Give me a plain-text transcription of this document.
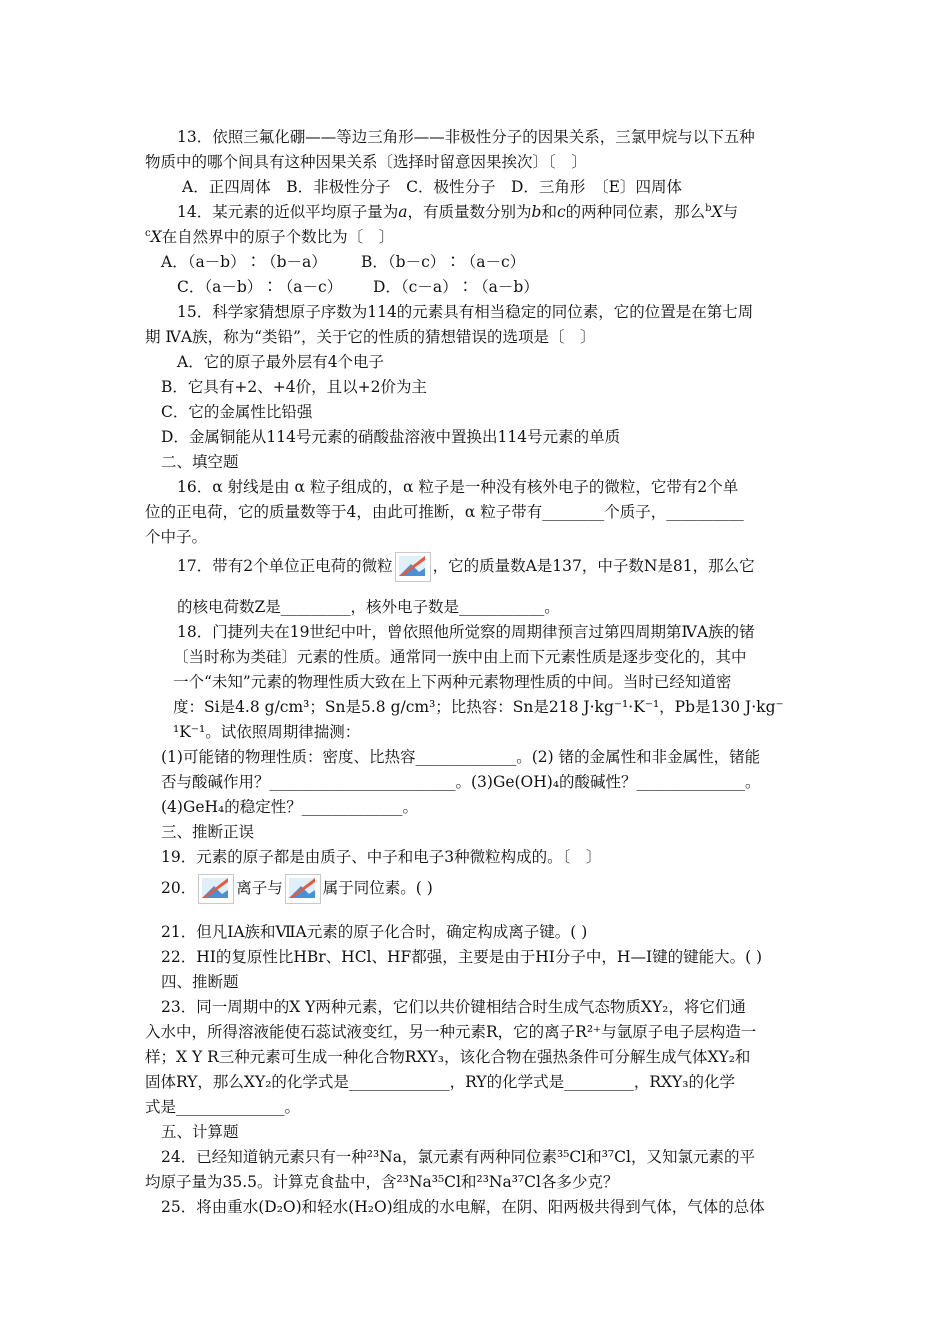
13．依照三氟化硼——等边三角形——非极性分子的因果关系，三氯甲烷与以下五种
物质中的哪个间具有这种因果关系〔选择时留意因果挨次〕〔　〕
A．正四周体　B．非极性分子　C．极性分子　D．三角形　〔E〕四周体
14．某元素的近似平均原子量为a，有质量数分别为b和c的两种同位素，那么$^b$X与
$^c$X在自然界中的原子个数比为〔　〕
A．（a－b）∶（b－a） B．（b－c）∶（a－c）
C．（a－b）∶（a－c） D．（c－a）∶（a－b）
15．科学家猜想原子序数为114的元素具有相当稳定的同位素，它的位置是在第七周
期 ⅣA族，称为“类铅”，关于它的性质的猜想错误的选项是〔　〕
A．它的原子最外层有4个电子
B．它具有+2、+4价，且以+2价为主
C．它的金属性比铅强
D．金属铜能从114号元素的硝酸盐溶液中置换出114号元素的单质
二、填空题
16．α 射线是由 α 粒子组成的，α 粒子是一种没有核外电子的微粒，它带有2个单
位的正电荷，它的质量数等于4，由此可推断，α 粒子带有________个质子，__________
个中子。
17．带有2个单位正电荷的微粒	，它的质量数A是137，中子数N是81，那么它
的核电荷数Z是_________，核外电子数是___________。
18．门捷列夫在19世纪中叶，曾依照他所觉察的周期律预言过第四周期第ⅣA族的锗
〔当时称为类硅〕元素的性质。通常同一族中由上而下元素性质是逐步变化的，其中
一个“未知”元素的物理性质大致在上下两种元素物理性质的中间。当时已经知道密
度：Si是4.8 g/cm³；Sn是5.8 g/cm³；比热容：Sn是218 J·kg⁻¹·K⁻¹，Pb是130 J·kg⁻
¹K⁻¹。试依照周期律揣测：
(1)可能锗的物理性质：密度、比热容_____________。(2) 锗的金属性和非金属性，锗能
否与酸碱作用？________________________。(3)Ge(OH)₄的酸碱性？______________。
(4)GeH₄的稳定性？_____________。
三、推断正误
19．元素的原子都是由质子、中子和电子3种微粒构成的。〔　〕
20．	离子与	属于同位素。( )
21．但凡ⅠA族和ⅦA元素的原子化合时，确定构成离子键。( )
22．HI的复原性比HBr、HCl、HF都强，主要是由于HI分子中，H—I键的键能大。( )
四、推断题
23．同一周期中的X Y两种元素，它们以共价键相结合时生成气态物质XY₂，将它们通
入水中，所得溶液能使石蕊试液变红，另一种元素R，它的离子R²⁺与氩原子电子层构造一
样；X Y R三种元素可生成一种化合物RXY₃，该化合物在强热条件可分解生成气体XY₂和
固体RY，那么XY₂的化学式是_____________，RY的化学式是_________，RXY₃的化学
式是______________。
五、计算题
24．已经知道钠元素只有一种²³Na，氯元素有两种同位素³⁵Cl和³⁷Cl，又知氯元素的平
均原子量为35.5。计算克食盐中，含²³Na³⁵Cl和²³Na³⁷Cl各多少克？
25．将由重水(D₂O)和轻水(H₂O)组成的水电解，在阴、阳两极共得到气体，气体的总体
